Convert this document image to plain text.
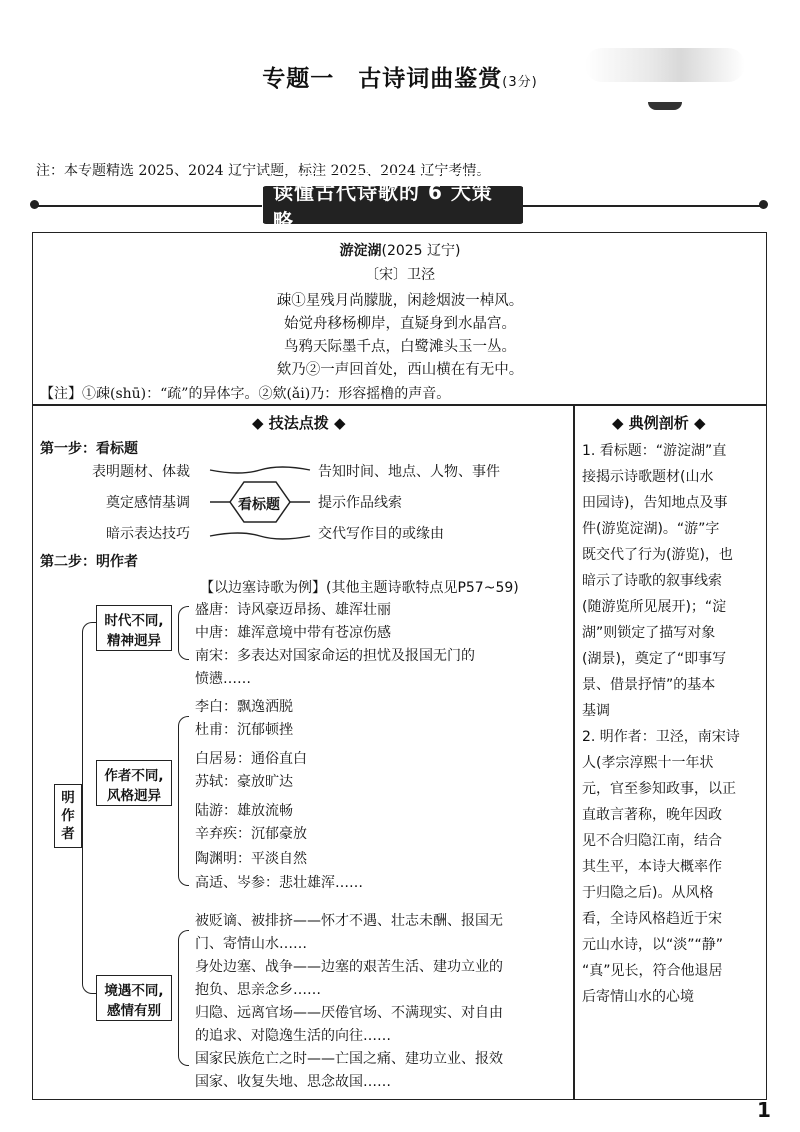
专题一　古诗词曲鉴赏(3分)
注：本专题精选 2025、2024 辽宁试题，标注 2025、2024 辽宁考情。
读懂古代诗歌的 6 大策略
游淀湖(2025 辽宁)
〔宋〕卫泾
疎①星残月尚朦胧，闲趁烟波一棹风。
始觉舟移杨柳岸，直疑身到水晶宫。
鸟鸦天际墨千点，白鹭滩头玉一丛。
欸乃②一声回首处，西山横在有无中。
【注】①疎(shū)：“疏”的异体字。②欸(ǎi)乃：形容摇橹的声音。
◆ 技法点拨 ◆
第一步：看标题
表明题材、体裁
奠定感情基调
暗示表达技巧
告知时间、地点、人物、事件
提示作品线索
交代写作目的或缘由
看标题
第二步：明作者
【以边塞诗歌为例】(其他主题诗歌特点见P57~59)
明作者
时代不同,
精神迥异
作者不同,
风格迥异
境遇不同,
感情有别
盛唐：诗风豪迈昂扬、雄浑壮丽
中唐：雄浑意境中带有苍凉伤感
南宋：多表达对国家命运的担忧及报国无门的
愤懑……
李白：飘逸洒脱
杜甫：沉郁顿挫
白居易：通俗直白
苏轼：豪放旷达
陆游：雄放流畅
辛弃疾：沉郁豪放
陶渊明：平淡自然
高适、岑参：悲壮雄浑……
被贬谪、被排挤——怀才不遇、壮志未酬、报国无
门、寄情山水……
身处边塞、战争——边塞的艰苦生活、建功立业的
抱负、思亲念乡……
归隐、远离官场——厌倦官场、不满现实、对自由
的追求、对隐逸生活的向往……
国家民族危亡之时——亡国之痛、建功立业、报效
国家、收复失地、思念故国……
◆ 典例剖析 ◆
1. 看标题：“游淀湖”直
接揭示诗歌题材(山水
田园诗)，告知地点及事
件(游览淀湖)。“游”字
既交代了行为(游览)，也
暗示了诗歌的叙事线索
(随游览所见展开)；“淀
湖”则锁定了描写对象
(湖景)，奠定了“即事写
景、借景抒情”的基本
基调
2. 明作者：卫泾，南宋诗
人(孝宗淳熙十一年状
元，官至参知政事，以正
直敢言著称，晚年因政
见不合归隐江南，结合
其生平，本诗大概率作
于归隐之后)。从风格
看，全诗风格趋近于宋
元山水诗，以“淡”“静”
“真”见长，符合他退居
后寄情山水的心境
1
